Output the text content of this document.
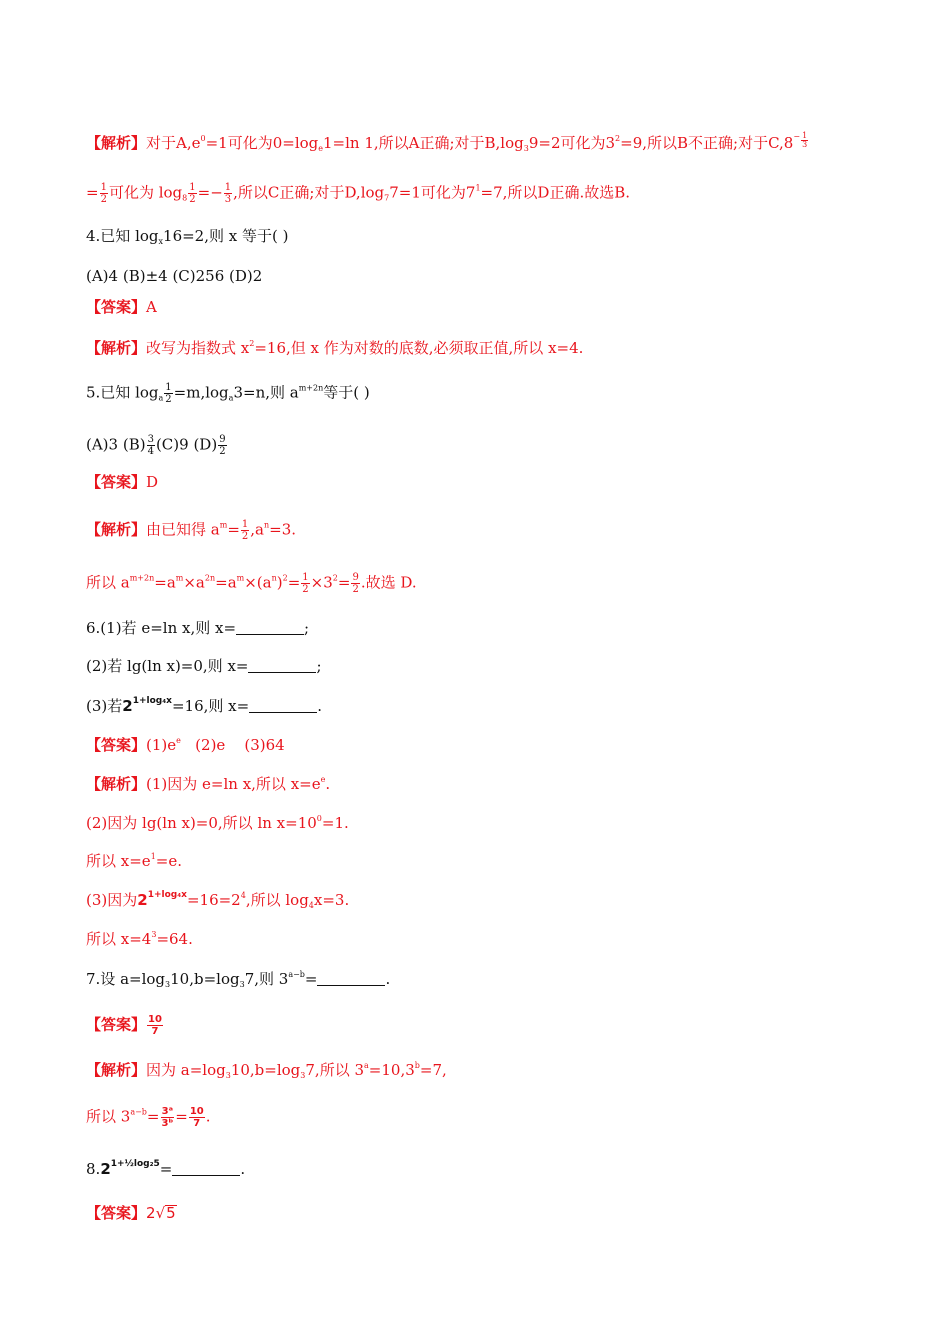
【解析】对于$A,e^0=1$可化为$0=\log_e1=\ln$ 1,所以A正确;对于$B,\log_39=2$可化为$3^2=9$,所以B不正确;对于$C,8^- \frac{1}{3}$
= $\frac{1}{2}$ 可化为 $\log_8 \frac{1}{2} =- \frac{1}{3}$ ,所以C正确;对于$D,\log_77=1$可化为$7^1=7$,所以D正确.故选B.
4.已知 $\log_x16=2$,则 x 等于( )
(A)4 (B)±4 (C)256 (D)2
【答案】A
【解析】改写为指数式 $x^2=16$,但 x 作为对数的底数,必须取正值,所以 x=4.
5.已知 $\log_a \frac{1}{2} =m,\log_a3=n$,则 $a^{m+2n}$等于( )
(A)3 $(B) \frac{3}{4} (C)9$ $(D) \frac{9}{2}$
【答案】D
【解析】由已知得 $a^m= \frac{1}{2} ,a^n=3$.
所以 $a^{m+2n}=a^m\times a^{2n}=a^m\times(a^n)^2= \frac{1}{2} \times 3^2= \frac{9}{2}$ .故选 D.
6.(1)若 e=ln x,则 x=	;
(2)若 lg(ln x)=0,则 x=	;
(3)若$2^{1+log_4x}=16$,则 x=	.
【答案】$(1)e^e$   (2)e    (3)64
【解析】(1)因为 e=ln x,所以 $x=e^e$.
(2)因为 lg(ln x)=0,所以 $\ln x=10^0=1$.
所以 $x=e^1=e$.
(3)因为$2^{1+log_4x}=16=2^4$,所以 $\log_4x=3$.
所以 $x=4^3=64$.
7.设 $a=\log_310,b=\log_37$,则 $3^{a-b}=$	.
【答案】 $\frac{10}{7}$
【解析】因为 $a=\log_310,b=\log_37$,所以 $3^a=10,3^b=7$,
所以 $3^{a-b}= \frac{\text{3ᵃ}}{\text{3ᵇ}} = \frac{10}{7}$ .
$8.2^{1+\frac{1}{2}log_25}=$	.
【答案】2√5
